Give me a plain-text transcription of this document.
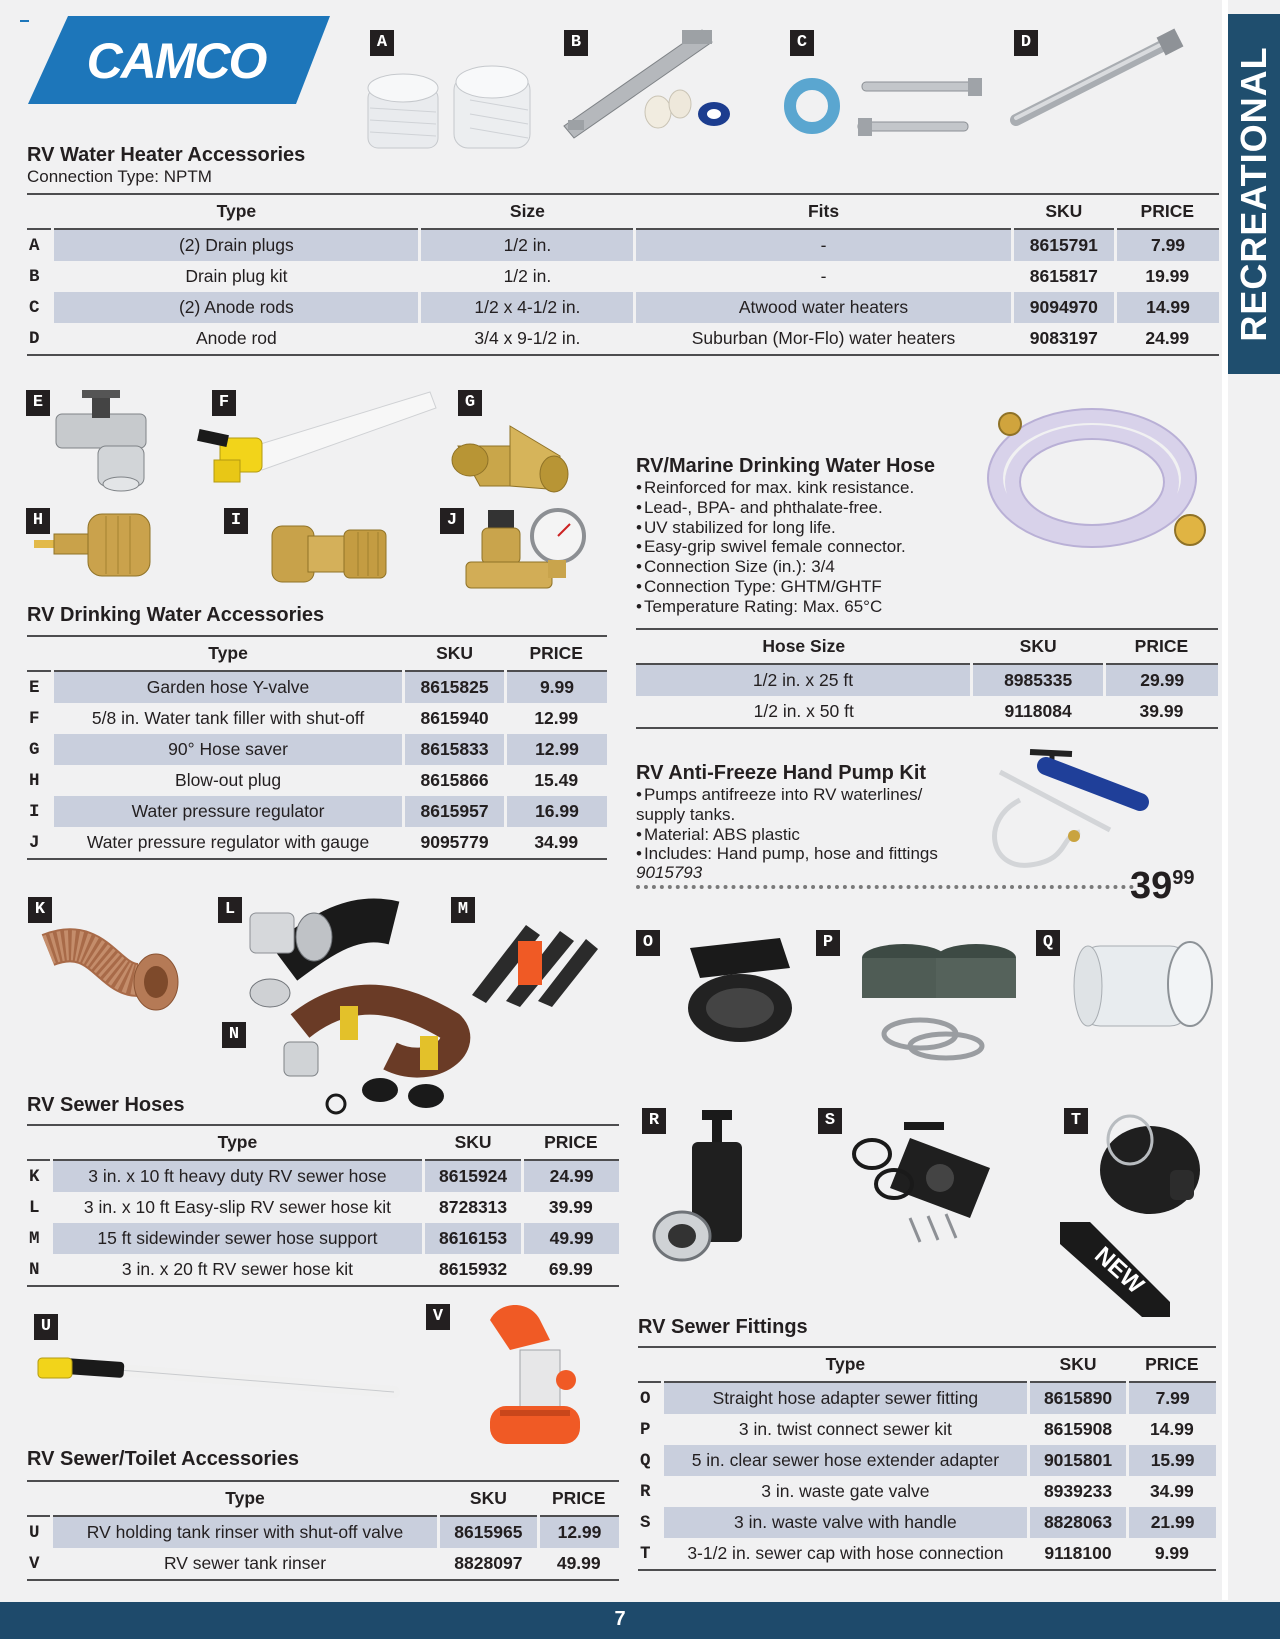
RECREATIONAL
7
CAMCO	A	B	C	D
RV Water Heater Accessories
Connection Type: NPTM
	Type	Size	Fits	SKU	PRICE
A	(2) Drain plugs	1/2 in.	-	8615791	7.99
B	Drain plug kit	1/2 in.	-	8615817	19.99
C	(2) Anode rods	1/2 x 4-1/2 in.	Atwood water heaters	9094970	14.99
D	Anode rod	3/4 x 9-1/2 in.	Suburban (Mor-Flo) water heaters	9083197	24.99
E	F	G
H	I	J
RV Drinking Water Accessories
	Type	SKU	PRICE
E	Garden hose Y-valve	8615825	9.99
F	5/8 in. Water tank filler with shut-off	8615940	12.99
G	90° Hose saver	8615833	12.99
H	Blow-out plug	8615866	15.49
I	Water pressure regulator	8615957	16.99
J	Water pressure regulator with gauge	9095779	34.99
RV/Marine Drinking Water Hose
• Reinforced for max. kink resistance.
• Lead-, BPA- and phthalate-free.
• UV stabilized for long life.
• Easy-grip swivel female connector.
• Connection Size (in.): 3/4
• Connection Type: GHTM/GHTF
• Temperature Rating: Max. 65°C
Hose Size	SKU	PRICE
1/2 in. x 25 ft	8985335	29.99
1/2 in. x 50 ft	9118084	39.99
RV Anti-Freeze Hand Pump Kit
• Pumps antifreeze into RV waterlines/ supply tanks.
• Material: ABS plastic
• Includes: Hand pump, hose and fittings
9015793	$39^{99}$
K	L	M
N
RV Sewer Hoses
	Type	SKU	PRICE
K	3 in. x 10 ft heavy duty RV sewer hose	8615924	24.99
L	3 in. x 10 ft Easy-slip RV sewer hose kit	8728313	39.99
M	15 ft sidewinder sewer hose support	8616153	49.99
N	3 in. x 20 ft RV sewer hose kit	8615932	69.99
U
V
RV Sewer/Toilet Accessories
	Type	SKU	PRICE
U	RV holding tank rinser with shut-off valve	8615965	12.99
V	RV sewer tank rinser	8828097	49.99
O	P	Q
R	S	T
NEW
RV Sewer Fittings
	Type	SKU	PRICE
O	Straight hose adapter sewer fitting	8615890	7.99
P	3 in. twist connect sewer kit	8615908	14.99
Q	5 in. clear sewer hose extender adapter	9015801	15.99
R	3 in. waste gate valve	8939233	34.99
S	3 in. waste valve with handle	8828063	21.99
T	3-1/2 in. sewer cap with hose connection	9118100	9.99
